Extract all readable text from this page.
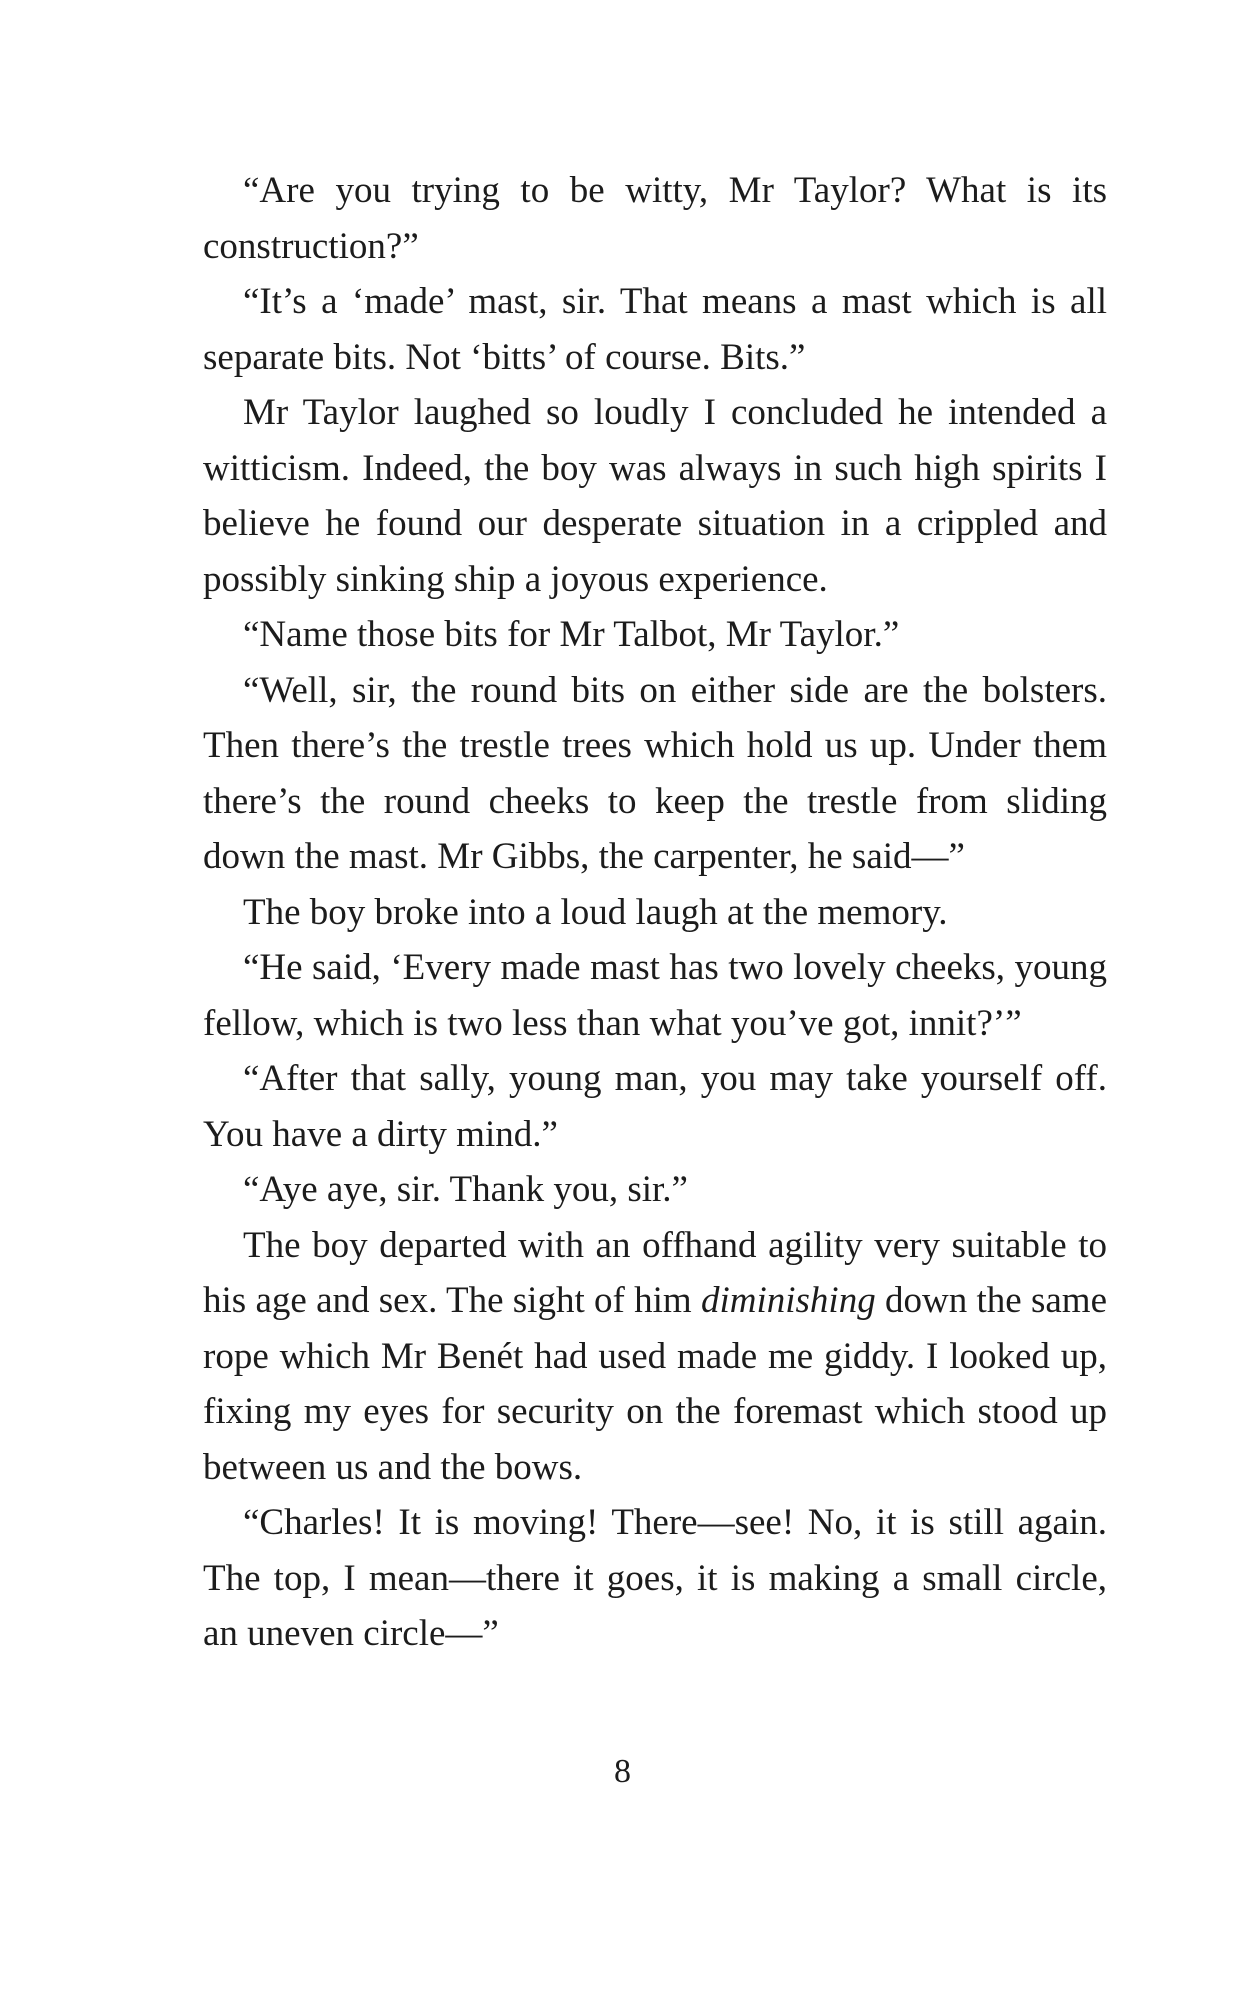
“Are you trying to be witty, Mr Taylor? What is its construction?”

“It’s a ‘made’ mast, sir. That means a mast which is all separate bits. Not ‘bitts’ of course. Bits.”

Mr Taylor laughed so loudly I concluded he intended a witticism. Indeed, the boy was always in such high spirits I believe he found our desperate situation in a crippled and possibly sinking ship a joyous experience.

“Name those bits for Mr Talbot, Mr Taylor.”

“Well, sir, the round bits on either side are the bolsters. Then there’s the trestle trees which hold us up. Under them there’s the round cheeks to keep the trestle from sliding down the mast. Mr Gibbs, the carpenter, he said—”

The boy broke into a loud laugh at the memory.

“He said, ‘Every made mast has two lovely cheeks, young fellow, which is two less than what you’ve got, innit?’”

“After that sally, young man, you may take yourself off. You have a dirty mind.”

“Aye aye, sir. Thank you, sir.”

The boy departed with an offhand agility very suitable to his age and sex. The sight of him diminishing down the same rope which Mr Benét had used made me giddy. I looked up, fixing my eyes for security on the foremast which stood up between us and the bows.

“Charles! It is moving! There—see! No, it is still again. The top, I mean—there it goes, it is making a small circle, an uneven circle—”

8
